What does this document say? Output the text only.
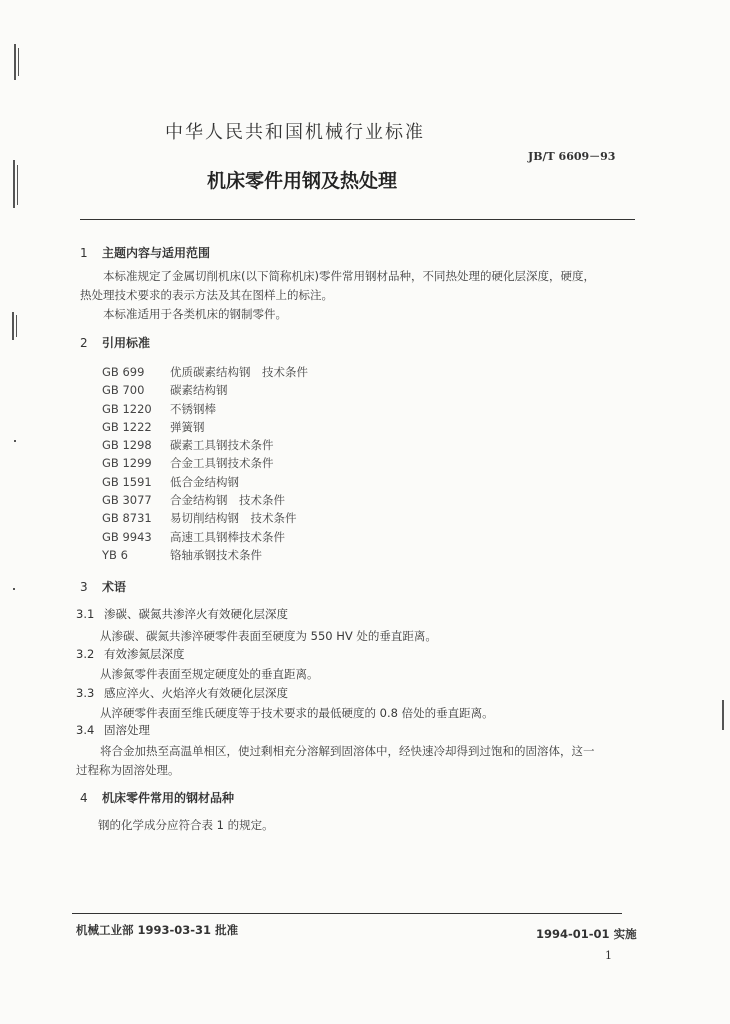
中华人民共和国机械行业标准
JB/T 6609－93
机床零件用钢及热处理
1 主题内容与适用范围
本标准规定了金属切削机床(以下简称机床)零件常用钢材品种，不同热处理的硬化层深度，硬度，
热处理技术要求的表示方法及其在图样上的标注。
本标准适用于各类机床的钢制零件。
2 引用标准
GB 699 优质碳素结构钢　技术条件
GB 700 碳素结构钢
GB 1220 不锈钢棒
GB 1222 弹簧钢
GB 1298 碳素工具钢技术条件
GB 1299 合金工具钢技术条件
GB 1591 低合金结构钢
GB 3077 合金结构钢　技术条件
GB 8731 易切削结构钢　技术条件
GB 9943 高速工具钢棒技术条件
YB 6	铬轴承钢技术条件
3 术语
3.1 渗碳、碳氮共渗淬火有效硬化层深度
从渗碳、碳氮共渗淬硬零件表面至硬度为 550 HV 处的垂直距离。
3.2 有效渗氮层深度
从渗氮零件表面至规定硬度处的垂直距离。
3.3 感应淬火、火焰淬火有效硬化层深度
从淬硬零件表面至维氏硬度等于技术要求的最低硬度的 0.8 倍处的垂直距离。
3.4 固溶处理
将合金加热至高温单相区，使过剩相充分溶解到固溶体中，经快速冷却得到过饱和的固溶体，这一
过程称为固溶处理。
4 机床零件常用的钢材品种
钢的化学成分应符合表 1 的规定。
机械工业部 1993-03-31 批准	1994-01-01 实施
1
